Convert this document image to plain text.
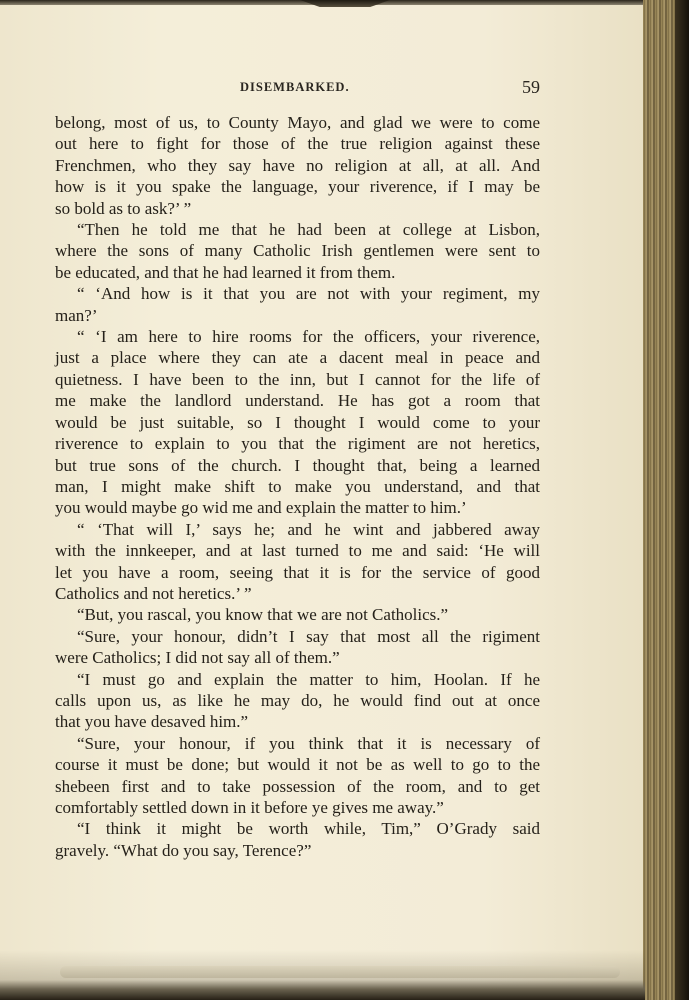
DISEMBARKED.	59
belong, most of us, to County Mayo, and glad we were to come
out here to fight for those of the true religion against these
Frenchmen, who they say have no religion at all, at all. And
how is it you spake the language, your riverence, if I may be
so bold as to ask?’ ”
“Then he told me that he had been at college at Lisbon,
where the sons of many Catholic Irish gentlemen were sent to
be educated, and that he had learned it from them.
“ ‘And how is it that you are not with your regiment, my
man?’
“ ‘I am here to hire rooms for the officers, your riverence,
just a place where they can ate a dacent meal in peace and
quietness. I have been to the inn, but I cannot for the life of
me make the landlord understand. He has got a room that
would be just suitable, so I thought I would come to your
riverence to explain to you that the rigiment are not heretics,
but true sons of the church. I thought that, being a learned
man, I might make shift to make you understand, and that
you would maybe go wid me and explain the matter to him.’
“ ‘That will I,’ says he; and he wint and jabbered away
with the innkeeper, and at last turned to me and said: ‘He will
let you have a room, seeing that it is for the service of good
Catholics and not heretics.’ ”
“But, you rascal, you know that we are not Catholics.”
“Sure, your honour, didn’t I say that most all the rigiment
were Catholics; I did not say all of them.”
“I must go and explain the matter to him, Hoolan. If he
calls upon us, as like he may do, he would find out at once
that you have desaved him.”
“Sure, your honour, if you think that it is necessary of
course it must be done; but would it not be as well to go to the
shebeen first and to take possession of the room, and to get
comfortably settled down in it before ye gives me away.”
“I think it might be worth while, Tim,” O’Grady said
gravely. “What do you say, Terence?”
